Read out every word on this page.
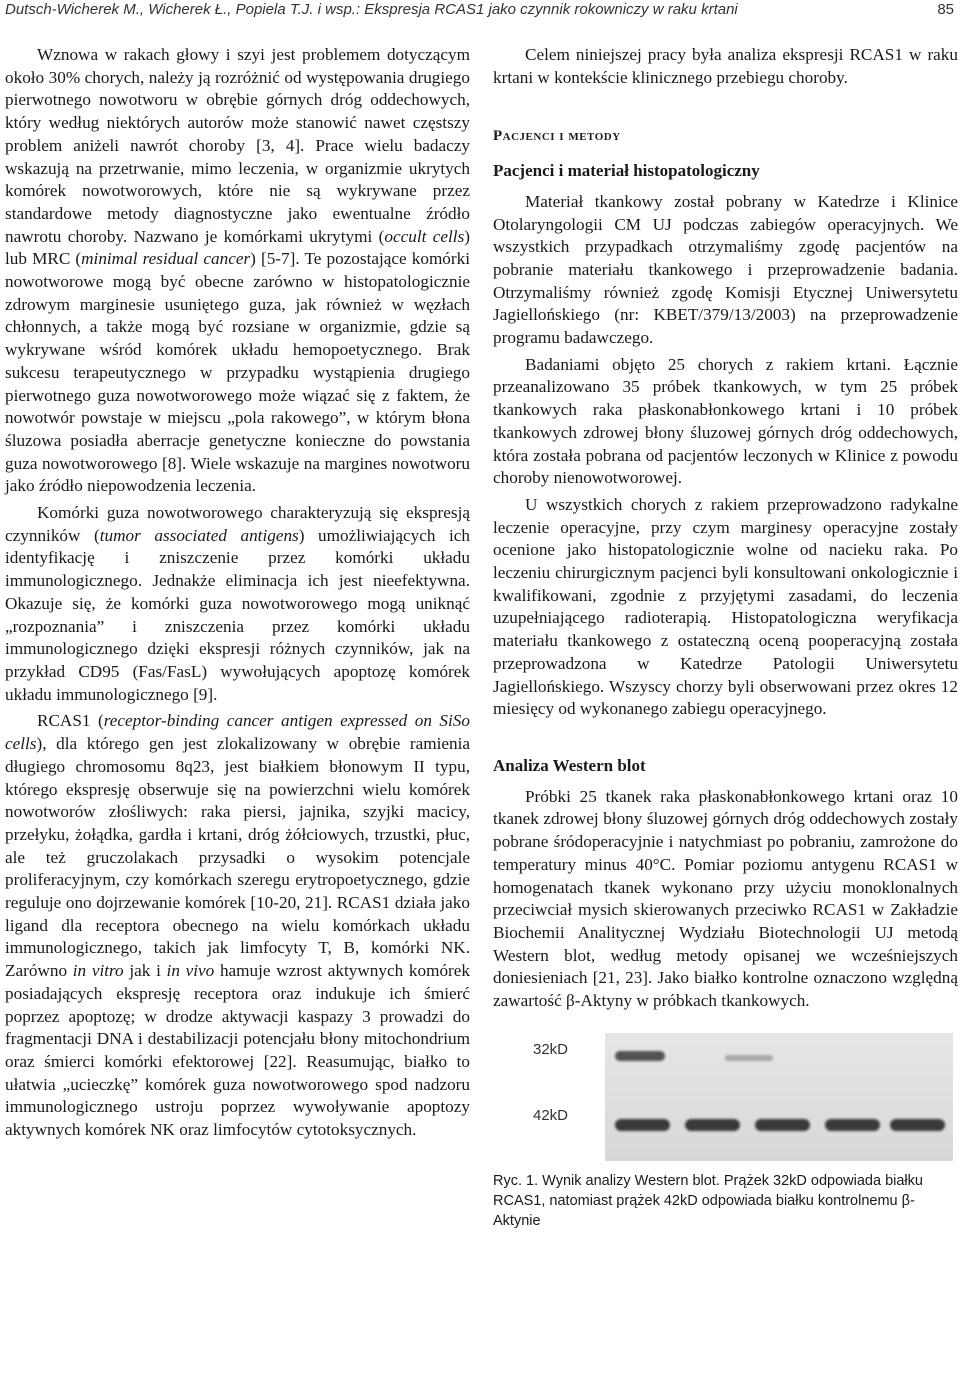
Dutsch-Wicherek M., Wicherek Ł., Popiela T.J. i wsp.: Ekspresja RCAS1 jako czynnik rokowniczy w raku krtani	85

Wznowa w rakach głowy i szyi jest problemem dotyczącym około 30% chorych, należy ją rozróżnić od występowania drugiego pierwotnego nowotworu w obrębie górnych dróg oddechowych, który według niektórych autorów może stanowić nawet częstszy problem aniżeli nawrót choroby [3, 4]. Prace wielu badaczy wskazują na przetrwanie, mimo leczenia, w organizmie ukrytych komórek nowotworowych, które nie są wykrywane przez standardowe metody diagnostyczne jako ewentualne źródło nawrotu choroby. Nazwano je komórkami ukrytymi (occult cells) lub MRC (minimal residual cancer) [5-7]. Te pozostające komórki nowotworowe mogą być obecne zarówno w histopatologicznie zdrowym marginesie usuniętego guza, jak również w węzłach chłonnych, a także mogą być rozsiane w organizmie, gdzie są wykrywane wśród komórek układu hemopoetycznego. Brak sukcesu terapeutycznego w przypadku wystąpienia drugiego pierwotnego guza nowotworowego może wiązać się z faktem, że nowotwór powstaje w miejscu „pola rakowego”, w którym błona śluzowa posiadła aberracje genetyczne konieczne do powstania guza nowotworowego [8]. Wiele wskazuje na margines nowotworu jako źródło niepowodzenia leczenia.

Komórki guza nowotworowego charakteryzują się ekspresją czynników (tumor associated antigens) umożliwiających ich identyfikację i zniszczenie przez komórki układu immunologicznego. Jednakże eliminacja ich jest nieefektywna. Okazuje się, że komórki guza nowotworowego mogą uniknąć „rozpoznania” i zniszczenia przez komórki układu immunologicznego dzięki ekspresji różnych czynników, jak na przykład CD95 (Fas/FasL) wywołujących apoptozę komórek układu immunologicznego [9].

RCAS1 (receptor-binding cancer antigen expressed on SiSo cells), dla którego gen jest zlokalizowany w obrębie ramienia długiego chromosomu 8q23, jest białkiem błonowym II typu, którego ekspresję obserwuje się na powierzchni wielu komórek nowotworów złośliwych: raka piersi, jajnika, szyjki macicy, przełyku, żołądka, gardła i krtani, dróg żółciowych, trzustki, płuc, ale też gruczolakach przysadki o wysokim potencjale proliferacyjnym, czy komórkach szeregu erytropoetycznego, gdzie reguluje ono dojrzewanie komórek [10-20, 21]. RCAS1 działa jako ligand dla receptora obecnego na wielu komórkach układu immunologicznego, takich jak limfocyty T, B, komórki NK. Zarówno in vitro jak i in vivo hamuje wzrost aktywnych komórek posiadających ekspresję receptora oraz indukuje ich śmierć poprzez apoptozę; w drodze aktywacji kaspazy 3 prowadzi do fragmentacji DNA i destabilizacji potencjału błony mitochondrium oraz śmierci komórki efektorowej [22]. Reasumując, białko to ułatwia „ucieczkę” komórek guza nowotworowego spod nadzoru immunologicznego ustroju poprzez wywoływanie apoptozy aktywnych komórek NK oraz limfocytów cytotoksycznych.

Celem niniejszej pracy była analiza ekspresji RCAS1 w raku krtani w kontekście klinicznego przebiegu choroby.

Pacjenci i metody
Pacjenci i materiał histopatologiczny

Materiał tkankowy został pobrany w Katedrze i Klinice Otolaryngologii CM UJ podczas zabiegów operacyjnych. We wszystkich przypadkach otrzymaliśmy zgodę pacjentów na pobranie materiału tkankowego i przeprowadzenie badania. Otrzymaliśmy również zgodę Komisji Etycznej Uniwersytetu Jagiellońskiego (nr: KBET/379/13/2003) na przeprowadzenie programu badawczego.

Badaniami objęto 25 chorych z rakiem krtani. Łącznie przeanalizowano 35 próbek tkankowych, w tym 25 próbek tkankowych raka płaskonabłonkowego krtani i 10 próbek tkankowych zdrowej błony śluzowej górnych dróg oddechowych, która została pobrana od pacjentów leczonych w Klinice z powodu choroby nienowotworowej.

U wszystkich chorych z rakiem przeprowadzono radykalne leczenie operacyjne, przy czym marginesy operacyjne zostały ocenione jako histopatologicznie wolne od nacieku raka. Po leczeniu chirurgicznym pacjenci byli konsultowani onkologicznie i kwalifikowani, zgodnie z przyjętymi zasadami, do leczenia uzupełniającego radioterapią. Histopatologiczna weryfikacja materiału tkankowego z ostateczną oceną pooperacyjną została przeprowadzona w Katedrze Patologii Uniwersytetu Jagiellońskiego. Wszyscy chorzy byli obserwowani przez okres 12 miesięcy od wykonanego zabiegu operacyjnego.

Analiza Western blot

Próbki 25 tkanek raka płaskonabłonkowego krtani oraz 10 tkanek zdrowej błony śluzowej górnych dróg oddechowych zostały pobrane śródoperacyjnie i natychmiast po pobraniu, zamrożone do temperatury minus 40°C. Pomiar poziomu antygenu RCAS1 w homogenatach tkanek wykonano przy użyciu monoklonalnych przeciwciał mysich skierowanych przeciwko RCAS1 w Zakładzie Biochemii Analitycznej Wydziału Biotechnologii UJ metodą Western blot, według metody opisanej we wcześniejszych doniesieniach [21, 23]. Jako białko kontrolne oznaczono względną zawartość β-Aktyny w próbkach tkankowych.

32kD
42kD
Ryc. 1. Wynik analizy Western blot. Prążek 32kD odpowiada białku RCAS1, natomiast prążek 42kD odpowiada białku kontrolnemu β-Aktynie
